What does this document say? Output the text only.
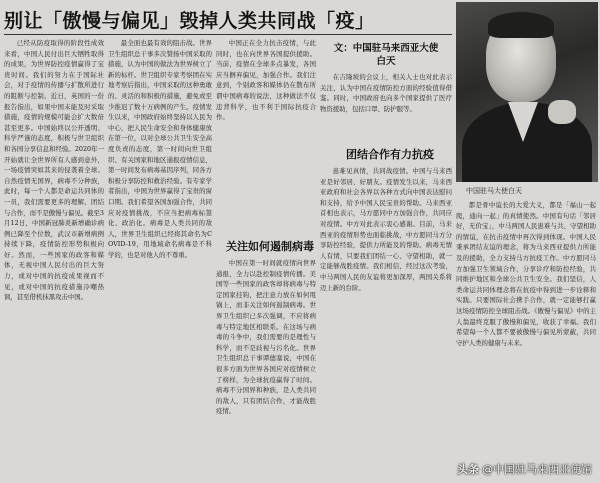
别让「傲慢与偏见」毁掉人类共同战「疫」
中国驻马大使白天
文：中国驻马来西亚大使
白天

已经从防疫取得的阶段性成效来看，中国人民付出巨大牺牲取得的成果，为世界防控疫情赢得了宝贵时间。我们的努力在于国际社会，对于疫情的传播与扩散所进行的阻断与控制。近日，英国的一份报告指出，如果中国未能及时采取措施，疫情的规模可能会扩大数倍甚至更多。中国始终以公开透明、科学严谨的态度，积极与世卫组织和各国分享信息和经验。2020年一开始就让全世界所有人感到意外，一场疫情突如其来的侵袭着全球。自然疫情无国界，病毒不分种族，此时，每一个人都是命运共同体的一员，我们需要更多的理解、团结与合作，而不是傲慢与偏见。截至3月12日，中国新冠肺炎新增确诊病例已降至个位数，武汉市新增病例持续下降，疫情防控形势积极向好。然而，一些国家的政客和媒体，无视中国人民付出的巨大努力，或对中国的抗疫成果视而不见，或对中国的抗疫措施冷嘲热讽，甚至借机抹黑攻击中国。

最全面也最有效的阻击战。世界卫生组织总干事多次赞扬中国采取的措施，认为中国的做法为世界树立了新的标杆。世卫组织专家考察团在实地考察后指出，中国采取的这种勇敢的、灵活的和积极的措施，避免或至少推迟了数十万病例的产生。疫情发生以来，中国政府始终坚持以人民为中心，把人民生命安全和身体健康放在第一位，以对全球公共卫生安全高度负责的态度，第一时间向世卫组织、有关国家和地区通报疫情信息，第一时间发布病毒基因序列，同各方积极分享防控和救治经验。有专家学者指出，中国为世界赢得了宝贵的窗口期。我们希望各国加强合作，共同应对疫情挑战，不应当把病毒标签化、政治化。病毒是人类共同的敌人，世界卫生组织已经将其命名为COVID-19，用地域命名病毒是不科学的，也是对他人的不尊重。

中国正在全力抗击疫情，与此同时，也在向世界各国提供援助。当前，疫情在全球多点暴发，各国应当摒弃偏见，加强合作。我们注意到，个别政客和媒体仍在散布所谓中国病毒的说法，这种做法不仅违背科学，也不利于国际抗疫合作。

关注如何遏制病毒

中国在第一时间就疫情向世界通报，全力以赴控制疫情传播。美国等一些国家的政客却将病毒与特定国家挂钩，把注意力放在如何甩锅上，而非关注如何遏制病毒。世界卫生组织已多次强调，不应将病毒与特定地区相联系。在这场与病毒的斗争中，我们需要的是理性与科学，而不是歧视与污名化。世界卫生组织总干事谭德塞说，中国在很多方面为世界各国应对疫情树立了榜样，为全球抗疫赢得了时间。病毒不分国界和种族，是人类共同的敌人，只有团结合作，才能战胜疫情。

在吉隆坡的会议上，相关人士也对此表示关注，认为中国在疫情防控方面的经验值得借鉴。同时，中国政府也向多个国家提供了医疗物资援助，包括口罩、防护服等。

团结合作有力抗疫

患难见真情，共同战疫情。中国与马来西亚是好邻居、好朋友。疫情发生以来，马来西亚政府和社会各界以各种方式向中国表达慰问和支持，给予中国人民宝贵的帮助。马来西亚首相也表示，马方愿同中方加强合作，共同应对疫情。中方对此表示衷心感谢。目前，马来西亚的疫情形势也面临挑战，中方愿同马方分享防控经验，提供力所能及的帮助。病毒无情人有情，只要我们团结一心、守望相助，就一定能够战胜疫情。我们相信，经过这次考验，中马两国人民的友谊将更加深厚，两国关系将迈上新的台阶。

都是骨中谊长的大爱大义，都是「福山一起爬，通向一起」的真情使然。中国有句话「邻居好，无价宝」，中马两国人民患难与共、守望相助的情谊，在抗击疫情中再次得到体现。中国人民秉承团结友谊的理念，将为马来西亚提供力所能及的援助，全力支持马方抗疫工作。中方愿同马方加强卫生领域合作，分享诊疗和防控经验，共同维护地区和全球公共卫生安全。我们坚信，人类命运共同体理念将在抗疫中得到进一步诠释和实践。只要国际社会携手合作，就一定能够打赢这场疫情防控全球阻击战。《傲慢与偏见》中的主人翁最终克服了傲慢和偏见，收获了幸福。我们希望每一个人都不要被傲慢与偏见所蒙蔽，共同守护人类的健康与未来。

头条 @中国驻马来西亚使馆
